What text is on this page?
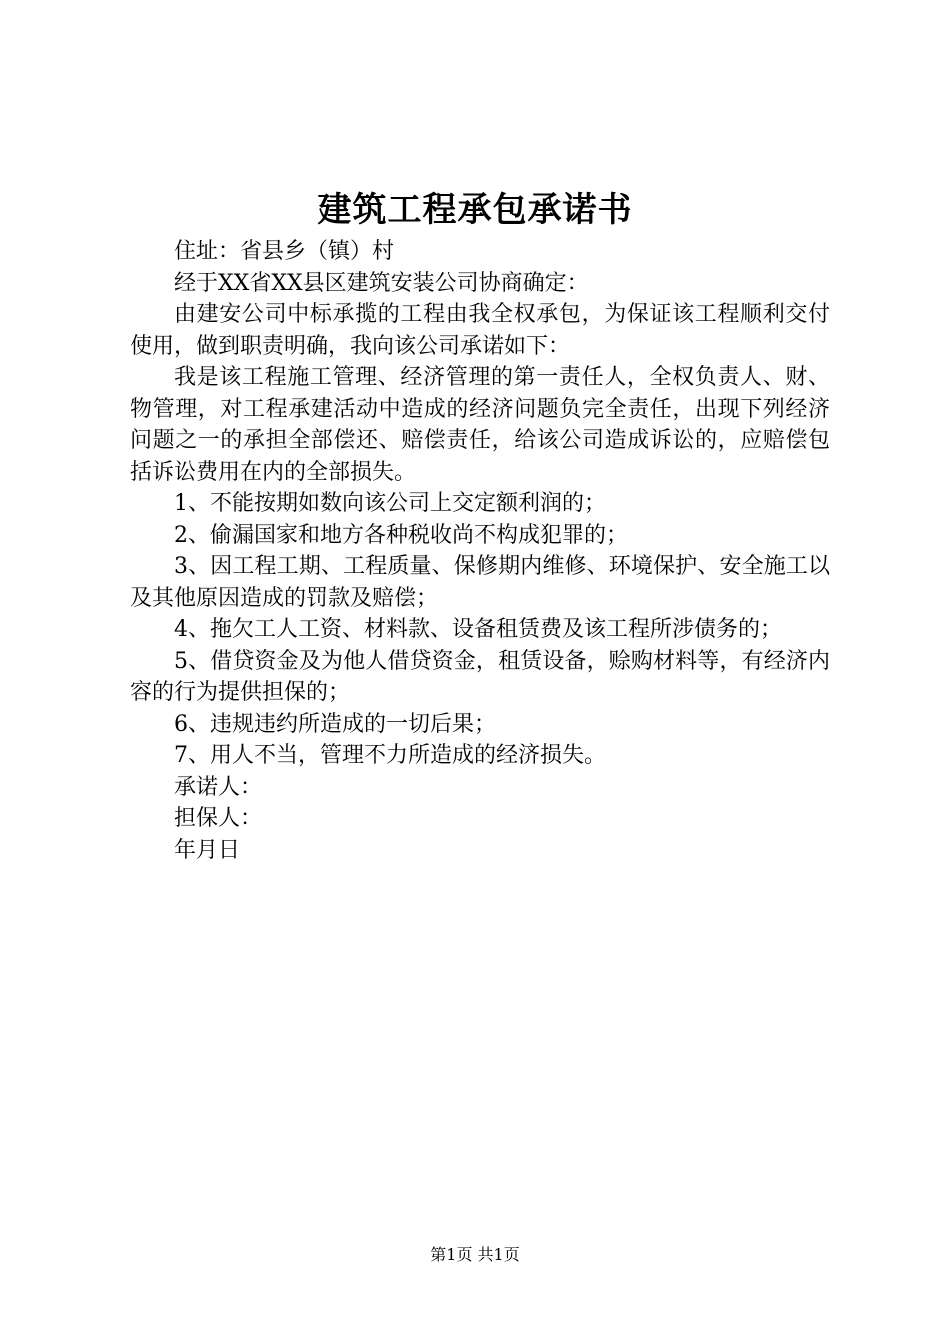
建筑工程承包承诺书

住址：省县乡（镇）村

经于XX省XX县区建筑安装公司协商确定：

由建安公司中标承揽的工程由我全权承包，为保证该工程顺利交付使用，做到职责明确，我向该公司承诺如下：

我是该工程施工管理、经济管理的第一责任人，全权负责人、财、物管理，对工程承建活动中造成的经济问题负完全责任，出现下列经济问题之一的承担全部偿还、赔偿责任，给该公司造成诉讼的，应赔偿包括诉讼费用在内的全部损失。

1、不能按期如数向该公司上交定额利润的；

2、偷漏国家和地方各种税收尚不构成犯罪的；

3、因工程工期、工程质量、保修期内维修、环境保护、安全施工以及其他原因造成的罚款及赔偿；

4、拖欠工人工资、材料款、设备租赁费及该工程所涉债务的；

5、借贷资金及为他人借贷资金，租赁设备，赊购材料等，有经济内容的行为提供担保的；

6、违规违约所造成的一切后果；

7、用人不当，管理不力所造成的经济损失。

承诺人：

担保人：

年月日

第1页 共1页
